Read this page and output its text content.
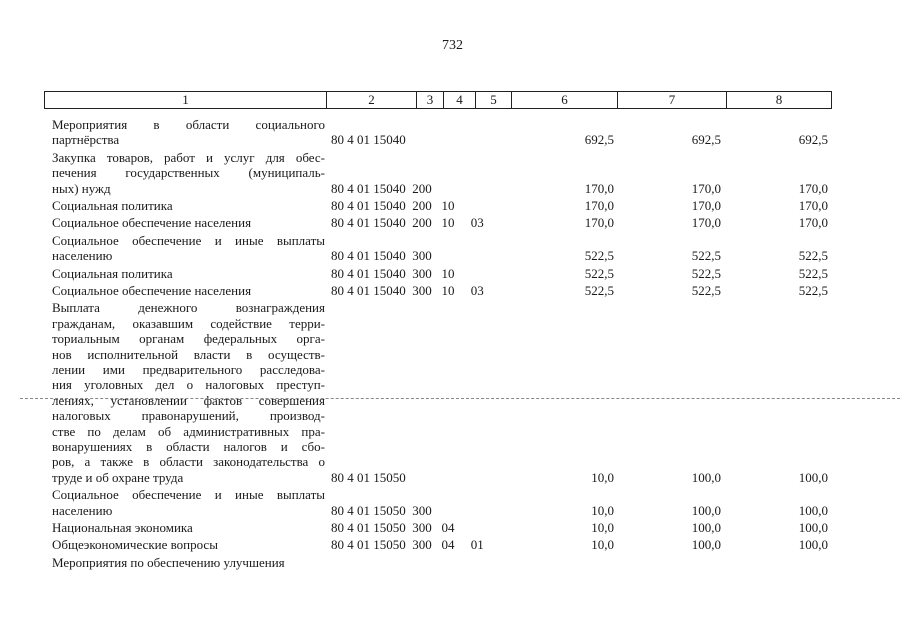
732
1	2	3	4	5	6	7	8
Мероприятия в области социального
партнёрства	80 4 01 15040	692,5	692,5	692,5
Закупка товаров, работ и услуг для обес-
печения государственных (муниципаль-
ных) нужд	80 4 01 15040  200	170,0	170,0	170,0
Социальная политика	80 4 01 15040  200   10	170,0	170,0	170,0
Социальное обеспечение населения	80 4 01 15040  200   10     03	170,0	170,0	170,0
Социальное обеспечение и иные выплаты
населению	80 4 01 15040  300	522,5	522,5	522,5
Социальная политика	80 4 01 15040  300   10	522,5	522,5	522,5
Социальное обеспечение населения	80 4 01 15040  300   10     03	522,5	522,5	522,5
Выплата денежного вознаграждения
гражданам, оказавшим содействие терри-
ториальным органам федеральных орга-
нов исполнительной власти в осуществ-
лении ими предварительного расследова-
ния уголовных дел о налоговых преступ-
лениях, установлении фактов совершения
налоговых правонарушений, производ-
стве по делам об административных пра-
вонарушениях в области налогов и сбо-
ров, а также в области законодательства о
труде и об охране труда	80 4 01 15050	10,0	100,0	100,0
Социальное обеспечение и иные выплаты
населению	80 4 01 15050  300	10,0	100,0	100,0
Национальная экономика	80 4 01 15050  300   04	10,0	100,0	100,0
Общеэкономические вопросы	80 4 01 15050  300   04     01	10,0	100,0	100,0
Мероприятия по обеспечению улучшения
